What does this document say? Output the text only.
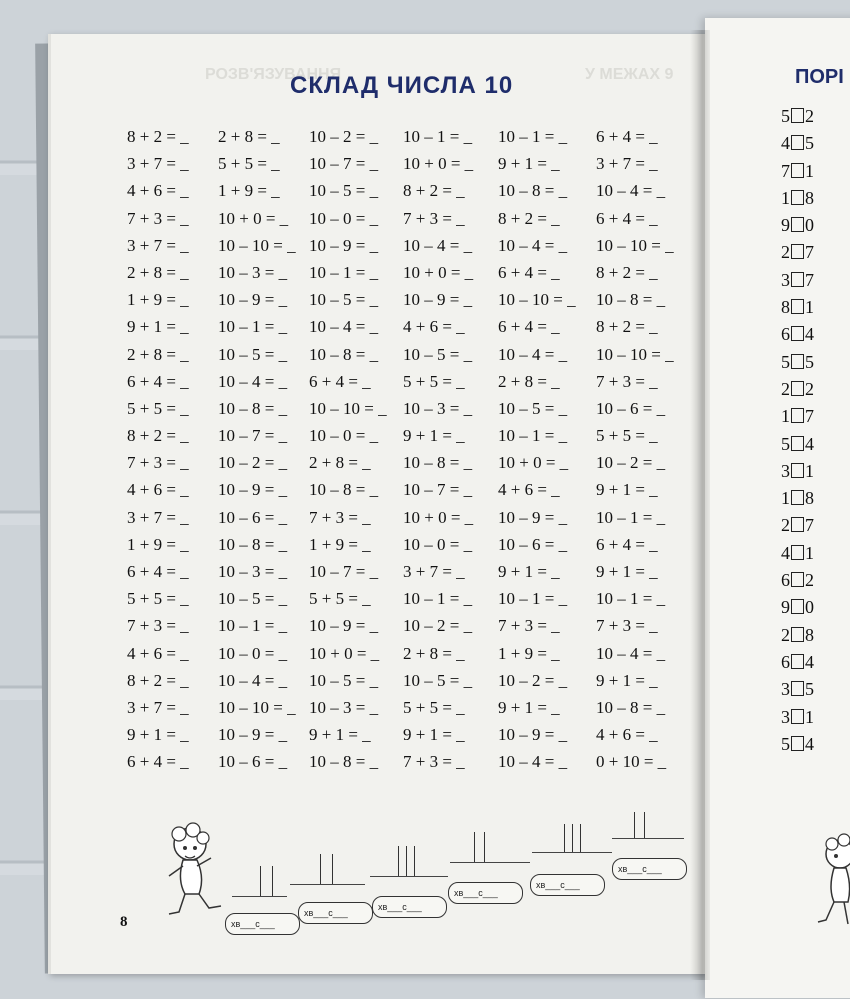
РОЗВ'ЯЗУВАННЯ	У МЕЖАХ 9
СКЛАД ЧИСЛА 10
8 + 2 = _
3 + 7 = _
4 + 6 = _
7 + 3 = _
3 + 7 = _
2 + 8 = _
1 + 9 = _
9 + 1 = _
2 + 8 = _
6 + 4 = _
5 + 5 = _
8 + 2 = _
7 + 3 = _
4 + 6 = _
3 + 7 = _
1 + 9 = _
6 + 4 = _
5 + 5 = _
7 + 3 = _
4 + 6 = _
8 + 2 = _
3 + 7 = _
9 + 1 = _
6 + 4 = _
2 + 8 = _
5 + 5 = _
1 + 9 = _
10 + 0 = _
10 – 10 = _
10 – 3 = _
10 – 9 = _
10 – 1 = _
10 – 5 = _
10 – 4 = _
10 – 8 = _
10 – 7 = _
10 – 2 = _
10 – 9 = _
10 – 6 = _
10 – 8 = _
10 – 3 = _
10 – 5 = _
10 – 1 = _
10 – 0 = _
10 – 4 = _
10 – 10 = _
10 – 9 = _
10 – 6 = _
10 – 2 = _
10 – 7 = _
10 – 5 = _
10 – 0 = _
10 – 9 = _
10 – 1 = _
10 – 5 = _
10 – 4 = _
10 – 8 = _
6 + 4 = _
10 – 10 = _
10 – 0 = _
2 + 8 = _
10 – 8 = _
7 + 3 = _
1 + 9 = _
10 – 7 = _
5 + 5 = _
10 – 9 = _
10 + 0 = _
10 – 5 = _
10 – 3 = _
9 + 1 = _
10 – 8 = _
10 – 1 = _
10 + 0 = _
8 + 2 = _
7 + 3 = _
10 – 4 = _
10 + 0 = _
10 – 9 = _
4 + 6 = _
10 – 5 = _
5 + 5 = _
10 – 3 = _
9 + 1 = _
10 – 8 = _
10 – 7 = _
10 + 0 = _
10 – 0 = _
3 + 7 = _
10 – 1 = _
10 – 2 = _
2 + 8 = _
10 – 5 = _
5 + 5 = _
9 + 1 = _
7 + 3 = _
10 – 1 = _
9 + 1 = _
10 – 8 = _
8 + 2 = _
10 – 4 = _
6 + 4 = _
10 – 10 = _
6 + 4 = _
10 – 4 = _
2 + 8 = _
10 – 5 = _
10 – 1 = _
10 + 0 = _
4 + 6 = _
10 – 9 = _
10 – 6 = _
9 + 1 = _
10 – 1 = _
7 + 3 = _
1 + 9 = _
10 – 2 = _
9 + 1 = _
10 – 9 = _
10 – 4 = _
6 + 4 = _
3 + 7 = _
10 – 4 = _
6 + 4 = _
10 – 10 = _
8 + 2 = _
10 – 8 = _
8 + 2 = _
10 – 10 = _
7 + 3 = _
10 – 6 = _
5 + 5 = _
10 – 2 = _
9 + 1 = _
10 – 1 = _
6 + 4 = _
9 + 1 = _
10 – 1 = _
7 + 3 = _
10 – 4 = _
9 + 1 = _
10 – 8 = _
4 + 6 = _
0 + 10 = _
ПОРІ
5 2
4 5
7 1
1 8
9 0
2 7
3 7
8 1
6 4
5 5
2 2
1 7
5 4
3 1
1 8
2 7
4 1
6 2
9 0
2 8
6 4
3 5
3 1
5 4
хв___с___
хв___с___
хв___с___
хв___с___
хв___с___
хв___с___
8
